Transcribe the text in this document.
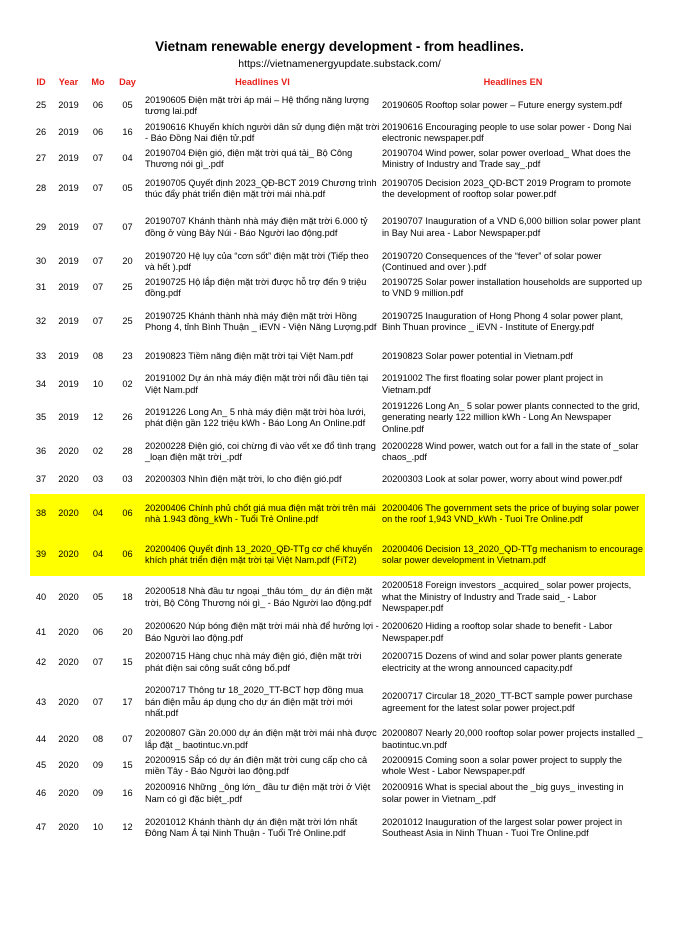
Vietnam renewable energy development - from headlines.
https://vietnamenergyupdate.substack.com/
ID	Year	Mo	Day	Headlines VI	Headlines EN
25	2019	06	05	20190605 Điện mặt trời áp mái – Hệ thống năng lượng tương lai.pdf	20190605 Rooftop solar power – Future energy system.pdf
26	2019	06	16	20190616 Khuyến khích người dân sử dụng điện mặt trời - Báo Đồng Nai điện tử.pdf	20190616 Encouraging people to use solar power - Dong Nai electronic newspaper.pdf
27	2019	07	04	20190704 Điện gió, điện mặt trời quá tải_ Bộ Công Thương nói gì_.pdf	20190704 Wind power, solar power overload_ What does the Ministry of Industry and Trade say_.pdf
28	2019	07	05	20190705 Quyết định 2023_QĐ-BCT 2019 Chương trình thúc đẩy phát triển điện mặt trời mái nhà.pdf	20190705 Decision 2023_QD-BCT 2019 Program to promote the development of rooftop solar power.pdf
29	2019	07	07	20190707 Khánh thành nhà máy điện mặt trời 6.000 tỷ đồng ở vùng Bảy Núi - Báo Người lao động.pdf	20190707 Inauguration of a VND 6,000 billion solar power plant in Bay Nui area - Labor Newspaper.pdf
30	2019	07	20	20190720 Hệ lụy của “cơn sốt” điện mặt trời (Tiếp theo và hết ).pdf	20190720 Consequences of the “fever” of solar power (Continued and over ).pdf
31	2019	07	25	20190725 Hộ lắp điện mặt trời được hỗ trợ đến 9 triệu đồng.pdf	20190725 Solar power installation households are supported up to VND 9 million.pdf
32	2019	07	25	20190725 Khánh thành nhà máy điện mặt trời Hồng Phong 4, tỉnh Bình Thuận _ iEVN - Viện Năng Lượng.pdf	20190725 Inauguration of Hong Phong 4 solar power plant, Binh Thuan province _ iEVN - Institute of Energy.pdf
33	2019	08	23	20190823 Tiềm năng điện mặt trời tại Việt Nam.pdf	20190823 Solar power potential in Vietnam.pdf
34	2019	10	02	20191002 Dự án nhà máy điện mặt trời nổi đầu tiên tại Việt Nam.pdf	20191002 The first floating solar power plant project in Vietnam.pdf
35	2019	12	26	20191226 Long An_ 5 nhà máy điện mặt trời hòa lưới, phát điện gần 122 triệu kWh - Báo Long An Online.pdf	20191226 Long An_ 5 solar power plants connected to the grid, generating nearly 122 million kWh - Long An Newspaper Online.pdf
36	2020	02	28	20200228 Điện gió, coi chừng đi vào vết xe đổ tình trạng _loạn điện mặt trời_.pdf	20200228 Wind power, watch out for a fall in the state of _solar chaos_.pdf
37	2020	03	03	20200303 Nhìn điện mặt trời, lo cho điện gió.pdf	20200303 Look at solar power, worry about wind power.pdf
38	2020	04	06	20200406 Chính phủ chốt giá mua điện mặt trời trên mái nhà 1.943 đồng_kWh - Tuổi Trẻ Online.pdf	20200406 The government sets the price of buying solar power on the roof 1,943 VND_kWh - Tuoi Tre Online.pdf
39	2020	04	06	20200406 Quyết định 13_2020_QĐ-TTg cơ chế khuyến khích phát triển điện mặt trời tại Việt Nam.pdf (FiT2)	20200406 Decision 13_2020_QD-TTg mechanism to encourage solar power development in Vietnam.pdf
40	2020	05	18	20200518 Nhà đầu tư ngoại _thâu tóm_ dự án điện mặt trời, Bộ Công Thương nói gì_ - Báo Người lao động.pdf	20200518 Foreign investors _acquired_ solar power projects, what the Ministry of Industry and Trade said_ - Labor Newspaper.pdf
41	2020	06	20	20200620 Núp bóng điện mặt trời mái nhà để hưởng lợi - Báo Người lao động.pdf	20200620 Hiding a rooftop solar shade to benefit - Labor Newspaper.pdf
42	2020	07	15	20200715 Hàng chục nhà máy điện gió, điện mặt trời phát điện sai công suất công bố.pdf	20200715 Dozens of wind and solar power plants generate electricity at the wrong announced capacity.pdf
43	2020	07	17	20200717 Thông tư 18_2020_TT-BCT hợp đồng mua bán điện mẫu áp dụng cho dự án điện mặt trời mới nhất.pdf	20200717 Circular 18_2020_TT-BCT sample power purchase agreement for the latest solar power project.pdf
44	2020	08	07	20200807 Gần 20.000 dự án điện mặt trời mái nhà được lắp đặt _ baotintuc.vn.pdf	20200807 Nearly 20,000 rooftop solar power projects installed _ baotintuc.vn.pdf
45	2020	09	15	20200915 Sắp có dự án điện mặt trời cung cấp cho cả miền Tây - Báo Người lao động.pdf	20200915 Coming soon a solar power project to supply the whole West - Labor Newspaper.pdf
46	2020	09	16	20200916 Những _ông lớn_ đầu tư điện mặt trời ở Việt Nam có gì đặc biệt_.pdf	20200916 What is special about the _big guys_ investing in solar power in Vietnam_.pdf
47	2020	10	12	20201012 Khánh thành dự án điện mặt trời lớn nhất Đông Nam Á tại Ninh Thuận - Tuổi Trẻ Online.pdf	20201012 Inauguration of the largest solar power project in Southeast Asia in Ninh Thuan - Tuoi Tre Online.pdf
